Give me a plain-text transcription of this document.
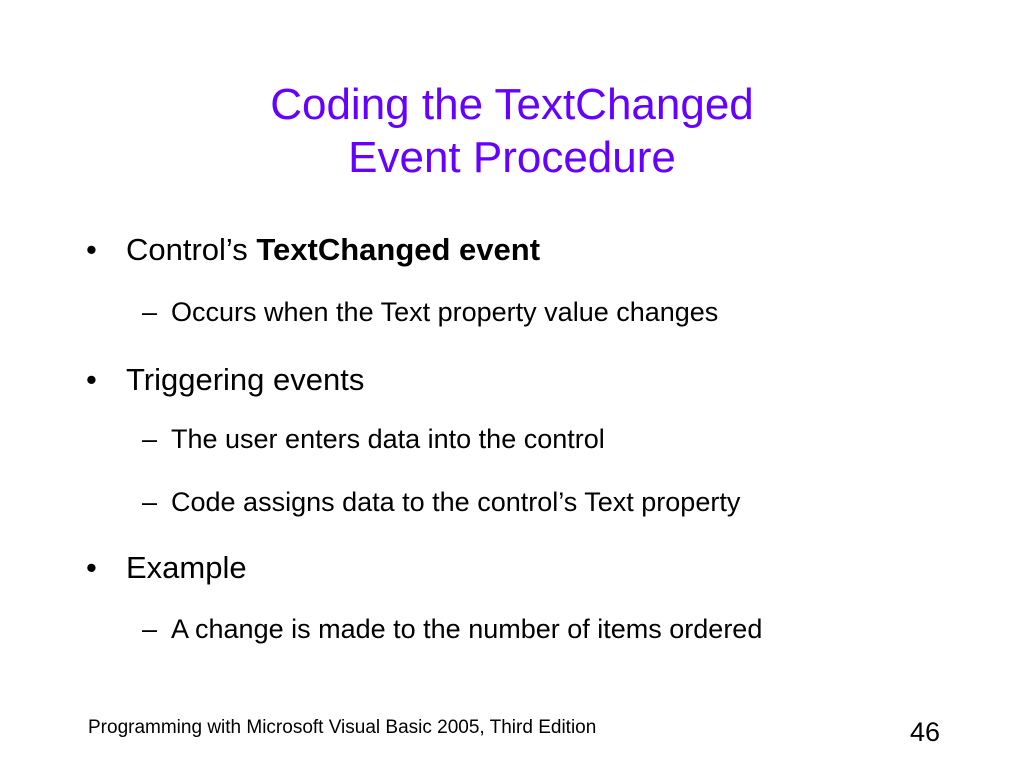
Coding the TextChanged
Event Procedure
• Control’s TextChanged event
– Occurs when the Text property value changes
• Triggering events
– The user enters data into the control
– Code assigns data to the control’s Text property
• Example
– A change is made to the number of items ordered
Programming with Microsoft Visual Basic 2005, Third Edition	46
